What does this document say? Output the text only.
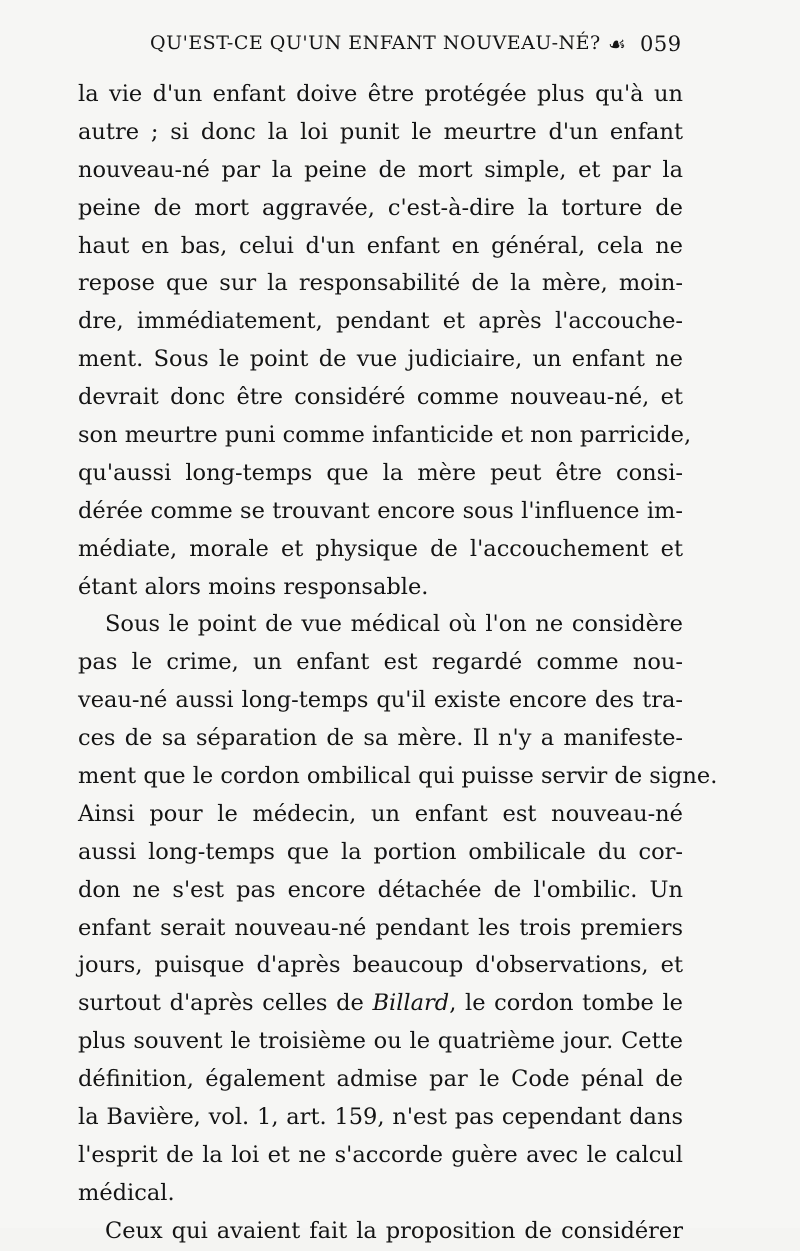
QU'EST-CE QU'UN ENFANT NOUVEAU-NÉ? ☙ 059
la vie d'un enfant doive être protégée plus qu'à un
autre ; si donc la loi punit le meurtre d'un enfant
nouveau-né par la peine de mort simple, et par la
peine de mort aggravée, c'est-à-dire la torture de
haut en bas, celui d'un enfant en général, cela ne
repose que sur la responsabilité de la mère, moin-
dre, immédiatement, pendant et après l'accouche-
ment. Sous le point de vue judiciaire, un enfant ne
devrait donc être considéré comme nouveau-né, et
son meurtre puni comme infanticide et non parricide,
qu'aussi long-temps que la mère peut être consi-
dérée comme se trouvant encore sous l'influence im-
médiate, morale et physique de l'accouchement et
étant alors moins responsable.
Sous le point de vue médical où l'on ne considère
pas le crime, un enfant est regardé comme nou-
veau-né aussi long-temps qu'il existe encore des tra-
ces de sa séparation de sa mère. Il n'y a manifeste-
ment que le cordon ombilical qui puisse servir de signe.
Ainsi pour le médecin, un enfant est nouveau-né
aussi long-temps que la portion ombilicale du cor-
don ne s'est pas encore détachée de l'ombilic. Un
enfant serait nouveau-né pendant les trois premiers
jours, puisque d'après beaucoup d'observations, et
surtout d'après celles de Billard, le cordon tombe le
plus souvent le troisième ou le quatrième jour. Cette
définition, également admise par le Code pénal de
la Bavière, vol. 1, art. 159, n'est pas cependant dans
l'esprit de la loi et ne s'accorde guère avec le calcul
médical.
Ceux qui avaient fait la proposition de considérer
